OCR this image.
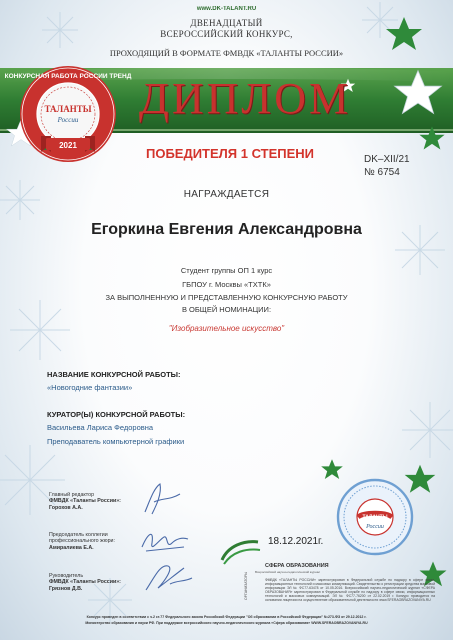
www.DK-TALANT.RU
ДВЕНАДЦАТЫЙ
ВСЕРОССИЙСКИЙ КОНКУРС,
ПРОХОДЯЩИЙ В ФОРМАТЕ ФМВДК «ТАЛАНТЫ РОССИИ»
КОНКУРСНАЯ РАБОТА РОССИИ ТРЕНД
ТАЛАНТЫ
России
2021
ДИПЛОМ
ПОБЕДИТЕЛЯ 1 СТЕПЕНИ	DK–XII/21
№ 6754
НАГРАЖДАЕТСЯ
Егоркина Евгения Александровна
Студент группы ОП 1 курс
ГБПОУ г. Москвы «ТХТК»
ЗА ВЫПОЛНЕННУЮ И ПРЕДСТАВЛЕННУЮ КОНКУРСНУЮ РАБОТУ
В ОБЩЕЙ НОМИНАЦИИ:
"Изобразительное искусство"
НАЗВАНИЕ КОНКУРСНОЙ РАБОТЫ:
«Новогодние фантазии»
КУРАТОР(Ы) КОНКУРСНОЙ РАБОТЫ:
Васильева Лариса Федоровна
Преподаватель компьютерной графики
Главный редактор
ФМВДК «Таланты России»:
Горохов А.А.
Председатель коллегии
профессионального жюри:
Амиралиева Е.А.
Руководитель
ФМВДК «Таланты России»:
Грязнов Д.В.
18.12.2021г.
СФЕРА ОБРАЗОВАНИЯ
Всероссийский научно-педагогический журнал
ФМВДК «ТАЛАНТЫ РОССИИ» зарегистрирован в Федеральной службе по надзору в сфере связи, информационных технологий и массовых коммуникаций. Свидетельство о регистрации средства массовой информации ЭЛ № ФС77-63478 от 10.05.2016. Всероссийский научно-педагогический журнал «СФЕРА ОБРАЗОВАНИЯ» зарегистрирован в Федеральной службе по надзору в сфере связи, информационных технологий и массовых коммуникаций. ЭЛ № ФС77-76200 от 22.02.2019 г. Конкурс проводится на основании лицензии на осуществление образовательной деятельности www.SFERAOBRAZOVANIYA.RU
ОРГАНИЗАТОРЫ
ТАЛАНТЫ
России
Конкурс проведен в соответствии с ч.2 ст.77 Федерального закона Российской Федерации "Об образовании в Российской Федерации" №273-ФЗ от 29.12.2012 г.
Министерство образования и науки РФ. При поддержке всероссийского научно-педагогического журнала «Сфера образования» WWW.SFERAOBRAZOVANIYA.RU
